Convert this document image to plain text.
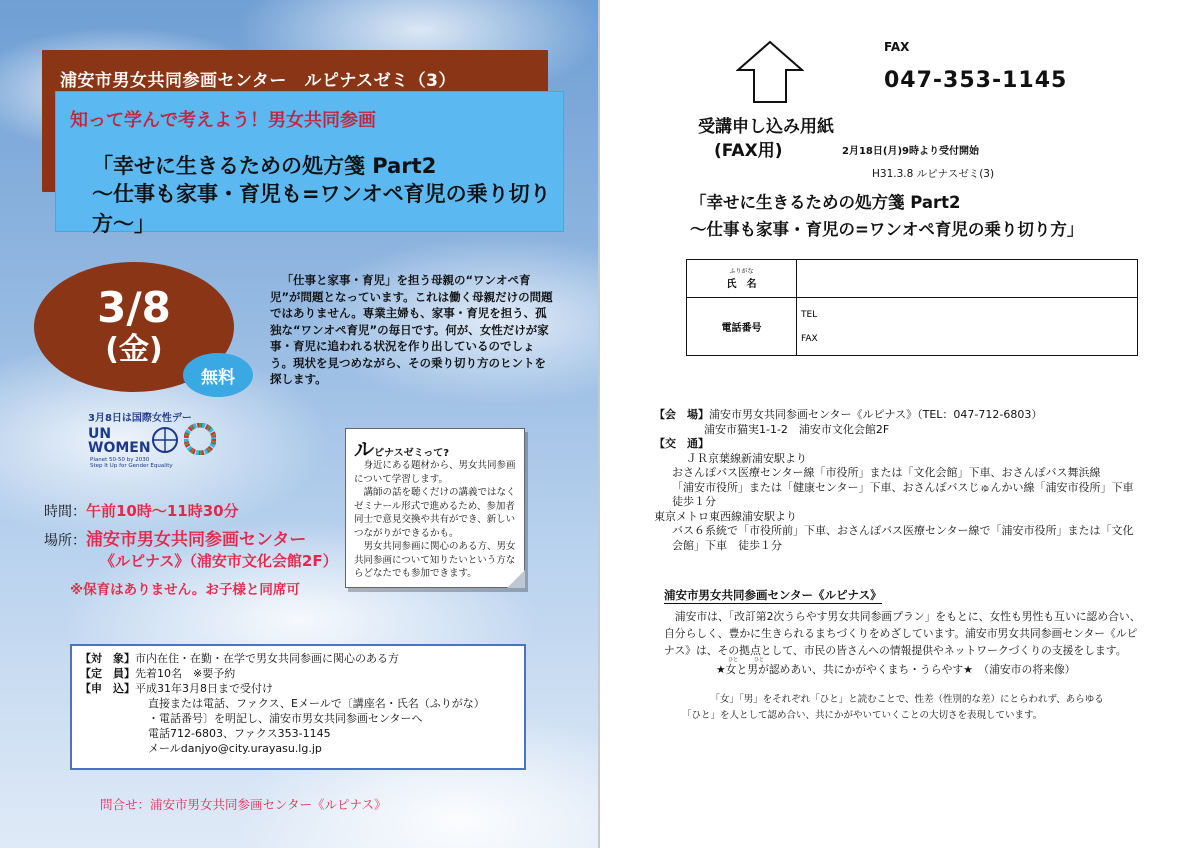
浦安市男女共同参画センター　ルピナスゼミ（3）
知って学んで考えよう！男女共同参画
「幸せに生きるための処方箋 Part2
～仕事も家事・育児も=ワンオペ育児の乗り切り方～」
3/8
(金)
無料
「仕事と家事・育児」を担う母親の“ワンオペ育児”が問題となっています。これは働く母親だけの問題ではありません。専業主婦も、家事・育児を担う、孤独な“ワンオペ育児”の毎日です。何が、女性だけが家事・育児に追われる状況を作り出しているのでしょう。現状を見つめながら、その乗り切り方のヒントを探します。
3月8日は国際女性デー
UN
WOMEN
Planet 50-50 by 2030
Step It Up for Gender Equality
ルピナスゼミって?

身近にある題材から、男女共同参画について学習します。

講師の話を聴くだけの講義ではなくゼミナール形式で進めるため、参加者同士で意見交換や共有ができ、新しいつながりができるかも。

男女共同参画に関心のある方、男女共同参画について知りたいという方ならどなたでも参加できます。

時間：午前10時～11時30分
場所：浦安市男女共同参画センター
《ルピナス》（浦安市文化会館2F）
※保育はありません。お子様と同席可
【対　象】市内在住・在勤・在学で男女共同参画に関心のある方
【定　員】先着10名　※要予約
【申　込】平成31年3月8日まで受付け
直接または電話、ファクス、Eメールで〔講座名・氏名（ふりがな）
・電話番号〕を明記し、浦安市男女共同参画センターへ
電話712-6803、ファクス353-1145
メールdanjyo@city.urayasu.lg.jp
問合せ：浦安市男女共同参画センター《ルピナス》
FAX
047-353-1145
受講申し込み用紙
(FAX用)	2月18日(月)9時より受付開始
H31.3.8 ルピナスゼミ(3)
「幸せに生きるための処方箋 Part2
～仕事も家事・育児の=ワンオペ育児の乗り切り方」
ふりがな
氏　名	
電話番号	TEL
FAX
【会　場】浦安市男女共同参画センター《ルピナス》（TEL：047-712-6803）
浦安市猫実1-1-2　浦安市文化会館2F
【交　通】
ＪＲ京葉線新浦安駅より
おさんぽバス医療センター線「市役所」または「文化会館」下車、おさんぽバス舞浜線
「浦安市役所」または「健康センター」下車、おさんぽバスじゅんかい線「浦安市役所」下車
徒歩１分
東京メトロ東西線浦安駅より
バス６系統で「市役所前」下車、おさんぽバス医療センター線で「浦安市役所」または「文化
会館」下車　徒歩１分
浦安市男女共同参画センター《ルピナス》
浦安市は、「改訂第2次うらやす男女共同参画プラン」をもとに、女性も男性も互いに認め合い、自分らしく、豊かに生きられるまちづくりをめざしています。浦安市男女共同参画センター《ルピナス》は、その拠点として、市民の皆さんへの情報提供やネットワークづくりの支援をします。
ひと	ひと
★女と男が認めあい、共にかがやくまち・うらやす★　（浦安市の将来像）
「女」「男」をそれぞれ「ひと」と読むことで、性差（性別的な差）にとらわれず、あらゆる「ひと」を人として認め合い、共にかがやいていくことの大切さを表現しています。
